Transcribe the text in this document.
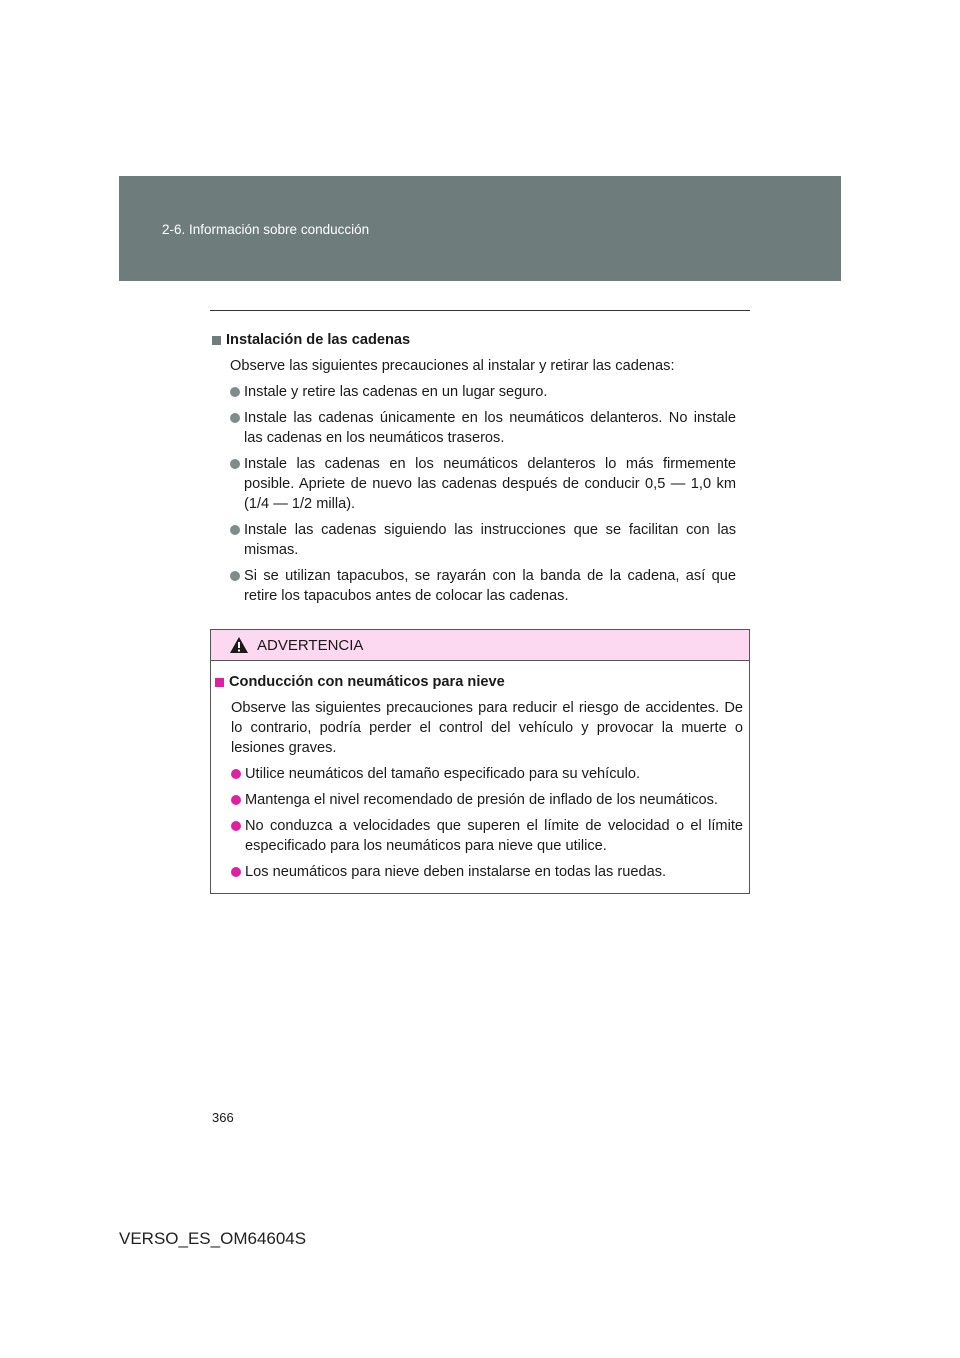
2-6. Información sobre conducción
Instalación de las cadenas
Observe las siguientes precauciones al instalar y retirar las cadenas:
Instale y retire las cadenas en un lugar seguro.
Instale las cadenas únicamente en los neumáticos delanteros. No instale las cadenas en los neumáticos traseros.
Instale las cadenas en los neumáticos delanteros lo más firmemente posible. Apriete de nuevo las cadenas después de conducir 0,5 — 1,0 km (1/4 — 1/2 milla).
Instale las cadenas siguiendo las instrucciones que se facilitan con las mismas.
Si se utilizan tapacubos, se rayarán con la banda de la cadena, así que retire los tapacubos antes de colocar las cadenas.
ADVERTENCIA
Conducción con neumáticos para nieve
Observe las siguientes precauciones para reducir el riesgo de accidentes. De lo contrario, podría perder el control del vehículo y provocar la muerte o lesiones graves.
Utilice neumáticos del tamaño especificado para su vehículo.
Mantenga el nivel recomendado de presión de inflado de los neumáticos.
No conduzca a velocidades que superen el límite de velocidad o el límite especificado para los neumáticos para nieve que utilice.
Los neumáticos para nieve deben instalarse en todas las ruedas.
366
VERSO_ES_OM64604S
